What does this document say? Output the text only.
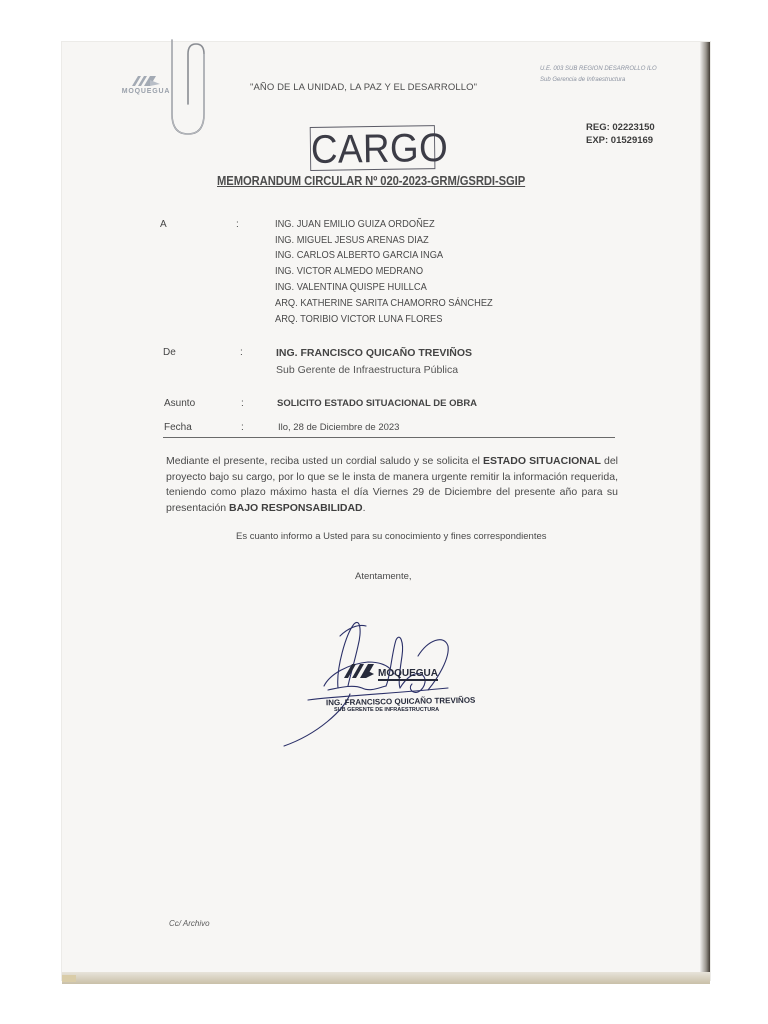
MOQUEGUA	"AÑO DE LA UNIDAD, LA PAZ Y EL DESARROLLO"
U.E. 003 SUB REGION DESARROLLO ILO
Sub Gerencia de Infraestructura
REG: 02223150
EXP: 01529169
CARGO
MEMORANDUM CIRCULAR Nº 020-2023-GRM/GSRDI-SGIP
A	:	ING. JUAN EMILIO GUIZA ORDOÑEZ
ING. MIGUEL JESUS ARENAS DIAZ
ING. CARLOS ALBERTO GARCIA INGA
ING. VICTOR ALMEDO MEDRANO
ING. VALENTINA QUISPE HUILLCA
ARQ. KATHERINE SARITA CHAMORRO SÁNCHEZ
ARQ. TORIBIO VICTOR LUNA FLORES
De	:	ING. FRANCISCO QUICAÑO TREVIÑOS
Sub Gerente de Infraestructura Pública
Asunto	:	SOLICITO ESTADO SITUACIONAL DE OBRA
Fecha	:	Ilo, 28 de Diciembre de 2023
Mediante el presente, reciba usted un cordial saludo y se solicita el ESTADO SITUACIONAL del proyecto bajo su cargo, por lo que se le insta de manera urgente remitir la información requerida, teniendo como plazo máximo hasta el día Viernes 29 de Diciembre del presente año para su presentación BAJO RESPONSABILIDAD.
Es cuanto informo a Usted para su conocimiento y fines correspondientes
Atentamente,
MOQUEGUA
ING. FRANCISCO QUICAÑO TREVIÑOS
SUB GERENTE DE INFRAESTRUCTURA
Cc/ Archivo
